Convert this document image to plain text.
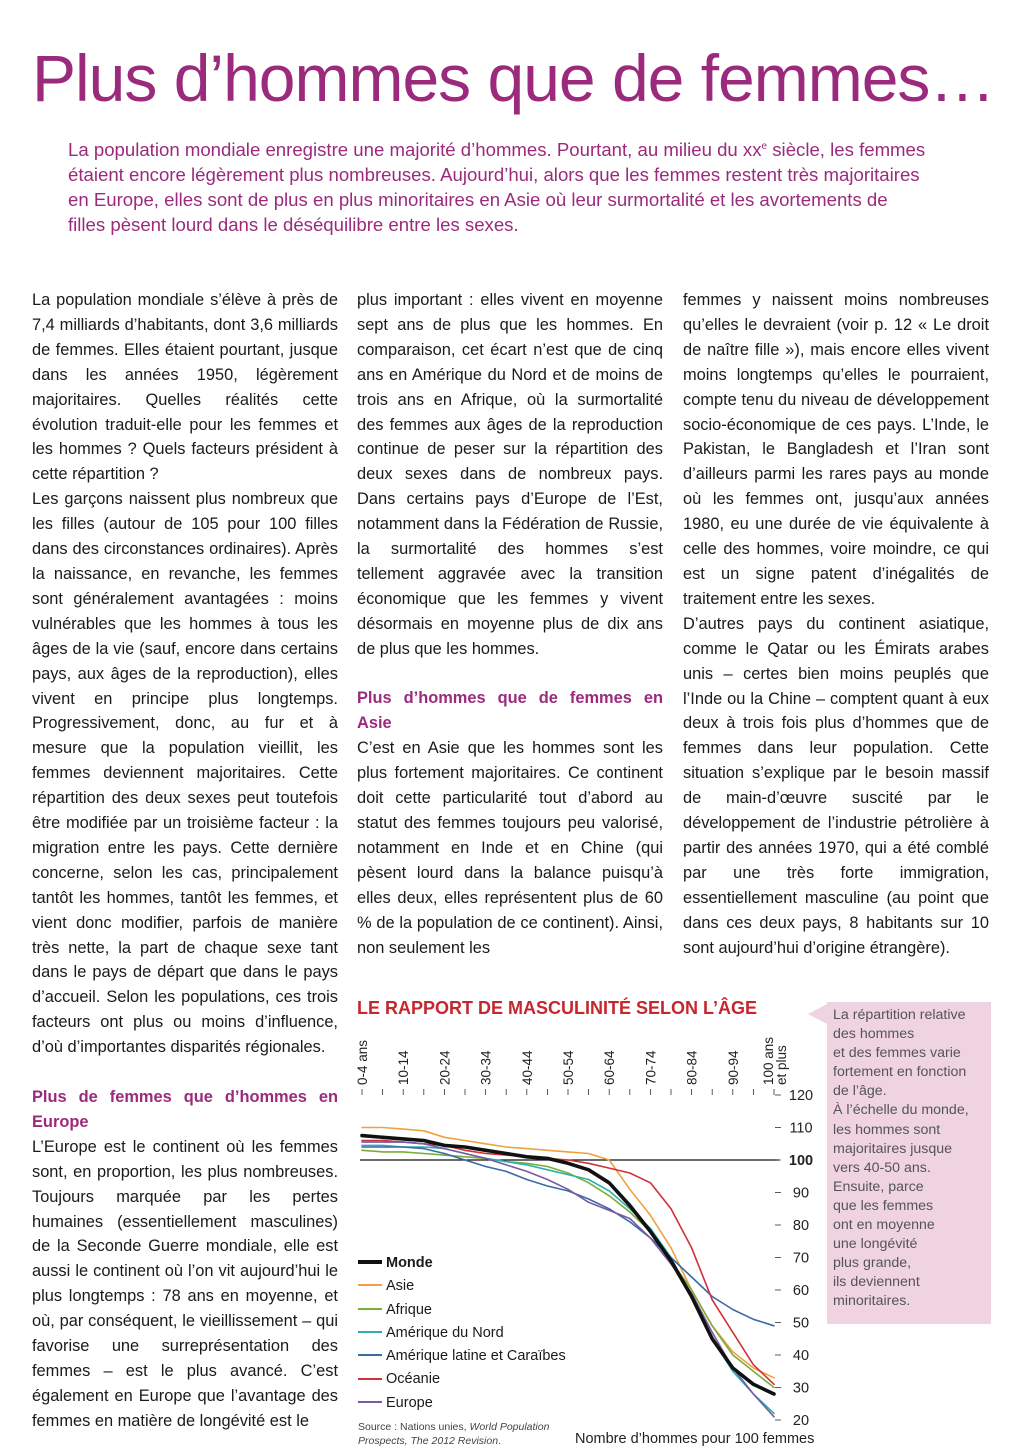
Plus d’hommes que de femmes…

La population mondiale enregistre une majorité d’hommes. Pourtant, au milieu du $xx^e$ siècle, les femmes étaient encore légèrement plus nombreuses. Aujourd’hui, alors que les femmes restent très majoritaires en Europe, elles sont de plus en plus minoritaires en Asie où leur surmortalité et les avortements de filles pèsent lourd dans le déséquilibre entre les sexes.

La population mondiale s’élève à près de 7,4 milliards d’habitants, dont 3,6 milliards de femmes. Elles étaient pourtant, jusque dans les années 1950, légèrement majoritaires. Quelles réalités cette évolution traduit-elle pour les femmes et les hommes ? Quels facteurs président à cette répartition ?

Les garçons naissent plus nombreux que les filles (autour de 105 pour 100 filles dans des circonstances ordinaires). Après la naissance, en revanche, les femmes sont généralement avantagées : moins vulnérables que les hommes à tous les âges de la vie (sauf, encore dans certains pays, aux âges de la reproduction), elles vivent en principe plus longtemps. Progressivement, donc, au fur et à mesure que la population vieillit, les femmes deviennent majoritaires. Cette répartition des deux sexes peut toutefois être modifiée par un troisième facteur : la migration entre les pays. Cette dernière concerne, selon les cas, principalement tantôt les hommes, tantôt les femmes, et vient donc modifier, parfois de manière très nette, la part de chaque sexe tant dans le pays de départ que dans le pays d’accueil. Selon les populations, ces trois facteurs ont plus ou moins d’influence, d’où d’importantes disparités régionales.

Plus de femmes que d’hommes en Europe

L’Europe est le continent où les femmes sont, en proportion, les plus nombreuses. Toujours marquée par les pertes humaines (essentiellement masculines) de la Seconde Guerre mondiale, elle est aussi le continent où l’on vit aujourd’hui le plus longtemps : 78 ans en moyenne, et où, par conséquent, le vieillissement – qui favorise une surreprésentation des femmes – est le plus avancé. C’est également en Europe que l’avantage des femmes en matière de longévité est le

plus important : elles vivent en moyenne sept ans de plus que les hommes. En comparaison, cet écart n’est que de cinq ans en Amérique du Nord et de moins de trois ans en Afrique, où la surmortalité des femmes aux âges de la reproduction continue de peser sur la répartition des deux sexes dans de nombreux pays. Dans certains pays d’Europe de l’Est, notamment dans la Fédération de Russie, la surmortalité des hommes s’est tellement aggravée avec la transition économique que les femmes y vivent désormais en moyenne plus de dix ans de plus que les hommes.

Plus d’hommes que de femmes en Asie

C’est en Asie que les hommes sont les plus fortement majoritaires. Ce continent doit cette particularité tout d’abord au statut des femmes toujours peu valorisé, notamment en Inde et en Chine (qui pèsent lourd dans la balance puisqu’à elles deux, elles représentent plus de 60 % de la population de ce continent). Ainsi, non seulement les

femmes y naissent moins nombreuses qu’elles le devraient (voir p. 12 « Le droit de naître fille »), mais encore elles vivent moins longtemps qu’elles le pourraient, compte tenu du niveau de développement socio-économique de ces pays. L’Inde, le Pakistan, le Bangladesh et l’Iran sont d’ailleurs parmi les rares pays au monde où les femmes ont, jusqu’aux années 1980, eu une durée de vie équivalente à celle des hommes, voire moindre, ce qui est un signe patent d’inégalités de traitement entre les sexes.

D’autres pays du continent asiatique, comme le Qatar ou les Émirats arabes unis – certes bien moins peuplés que l’Inde ou la Chine – comptent quant à eux deux à trois fois plus d’hommes que de femmes dans leur population. Cette situation s’explique par le besoin massif de main-d’œuvre suscité par le développement de l’industrie pétrolière à partir des années 1970, qui a été comblé par une très forte immigration, essentiellement masculine (au point que dans ces deux pays, 8 habitants sur 10 sont aujourd’hui d’origine étrangère).

LE RAPPORT DE MASCULINITÉ SELON L’ÂGE	La répartition relative
des hommes
et des femmes varie
fortement en fonction
de l’âge.
À l’échelle du monde,
les hommes sont
majoritaires jusque
vers 40-50 ans.
Ensuite, parce
que les femmes
ont en moyenne
une longévité
plus grande,
ils deviennent
minoritaires.

0-4 ans 10-14 20-24 30-34 40-44 50-54 60-64 70-74 80-84 90-94 100 ans
et plus
20
30
40
50
60
70
80
90
100
110
120
Monde
Asie
Afrique
Amérique du Nord
Amérique latine et Caraïbes
Océanie
Europe

Source : Nations unies, World Population
Prospects, The 2012 Revision.	Nombre d’hommes pour 100 femmes
